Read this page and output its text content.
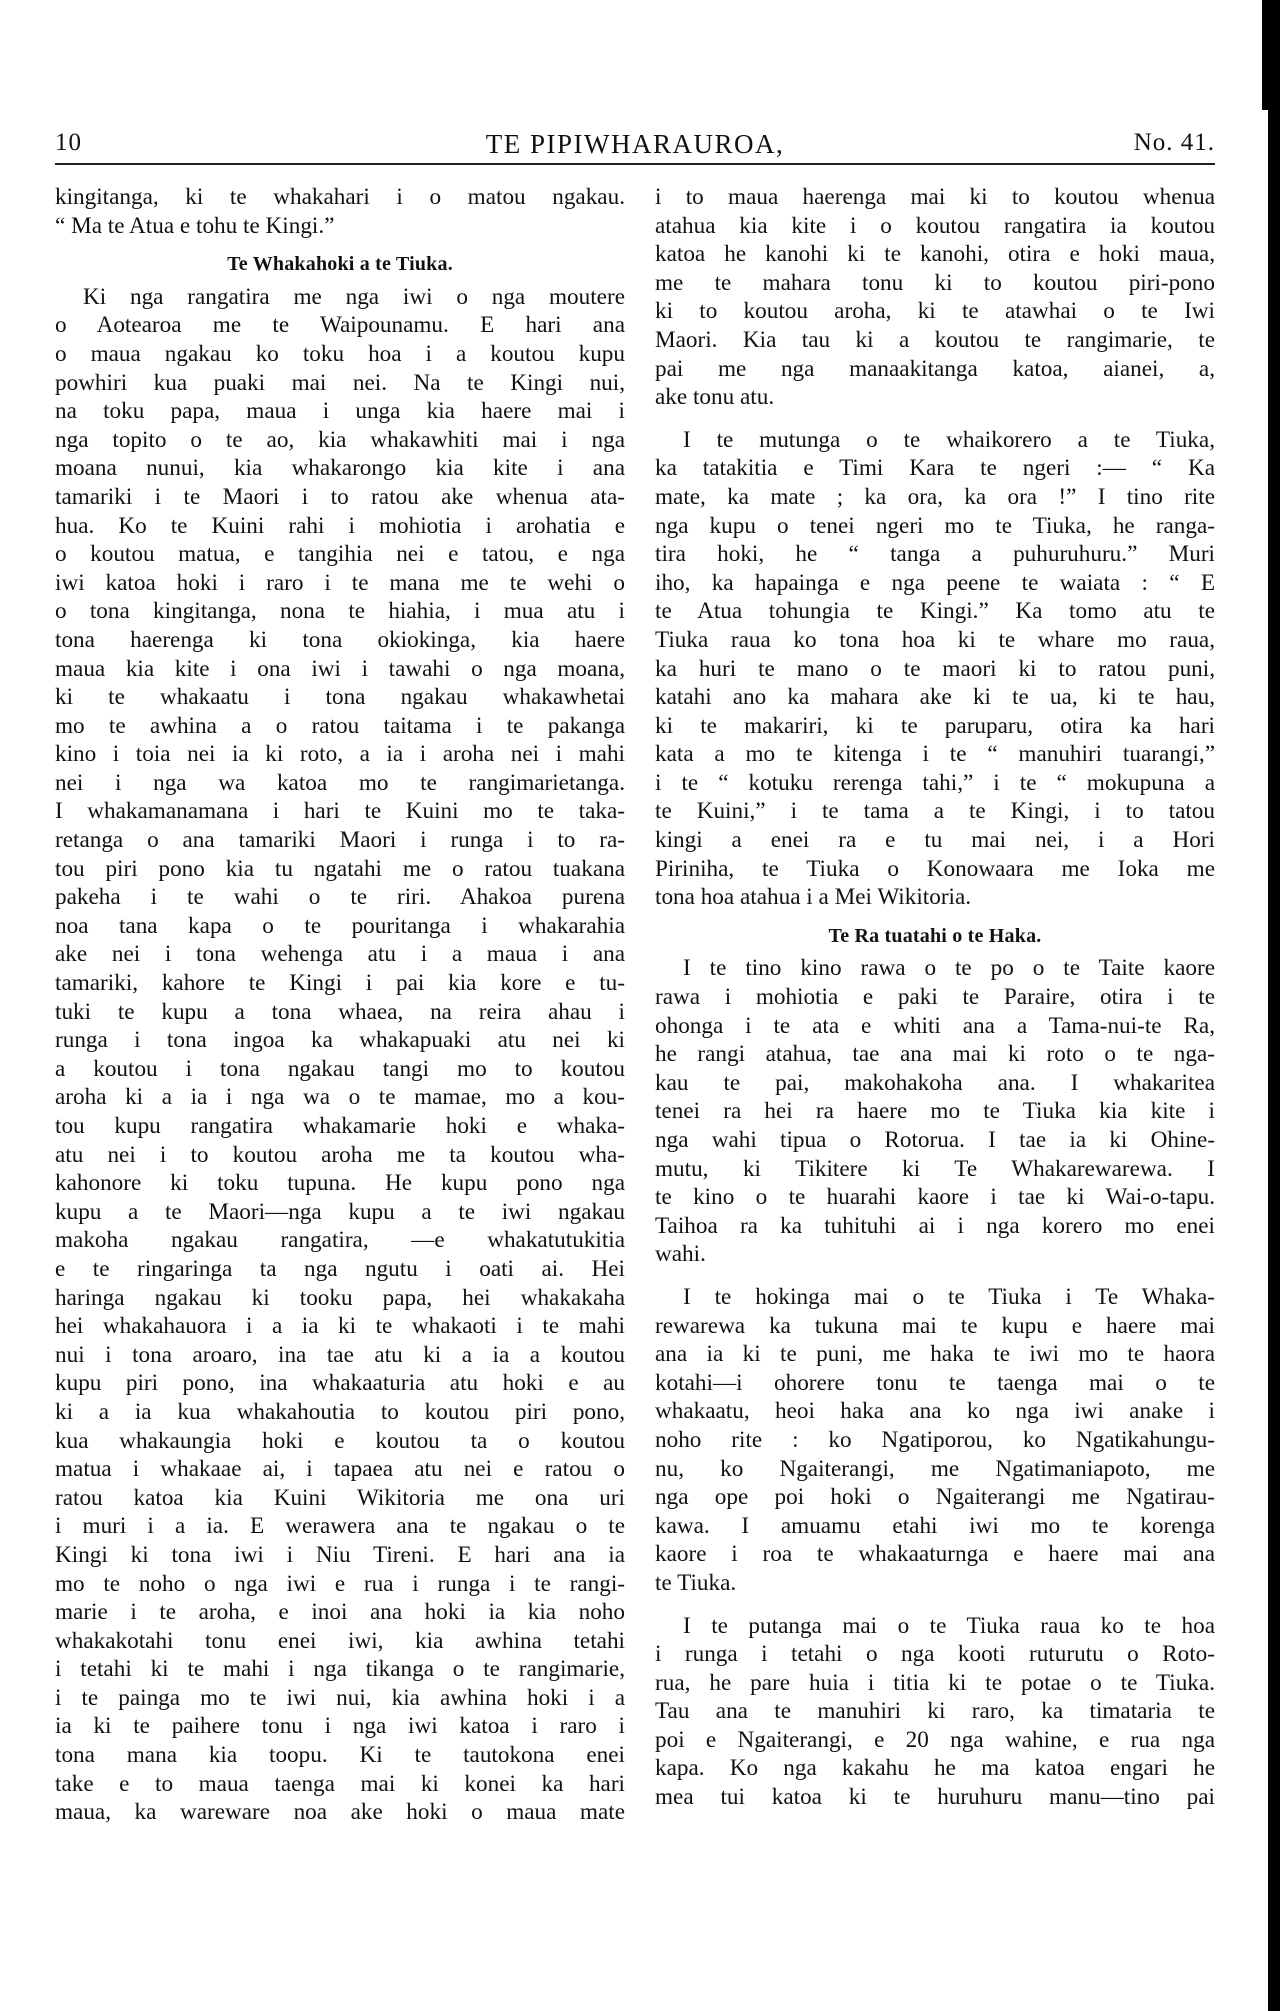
10	TE PIPIWHARAUROA,	No. 41.
kingitanga, ki te whakahari i o matou ngakau.
“ Ma te Atua e tohu te Kingi.”
Te Whakahoki a te Tiuka.
Ki nga rangatira me nga iwi o nga moutere
o Aotearoa me te Waipounamu. E hari ana
o maua ngakau ko toku hoa i a koutou kupu
powhiri kua puaki mai nei. Na te Kingi nui,
na toku papa, maua i unga kia haere mai i
nga topito o te ao, kia whakawhiti mai i nga
moana nunui, kia whakarongo kia kite i ana
tamariki i te Maori i to ratou ake whenua ata-
hua. Ko te Kuini rahi i mohiotia i arohatia e
o koutou matua, e tangihia nei e tatou, e nga
iwi katoa hoki i raro i te mana me te wehi o
o tona kingitanga, nona te hiahia, i mua atu i
tona haerenga ki tona okiokinga, kia haere
maua kia kite i ona iwi i tawahi o nga moana,
ki te whakaatu i tona ngakau whakawhetai
mo te awhina a o ratou taitama i te pakanga
kino i toia nei ia ki roto, a ia i aroha nei i mahi
nei i nga wa katoa mo te rangimarietanga.
I whakamanamana i hari te Kuini mo te taka-
retanga o ana tamariki Maori i runga i to ra-
tou piri pono kia tu ngatahi me o ratou tuakana
pakeha i te wahi o te riri. Ahakoa purena
noa tana kapa o te pouritanga i whakarahia
ake nei i tona wehenga atu i a maua i ana
tamariki, kahore te Kingi i pai kia kore e tu-
tuki te kupu a tona whaea, na reira ahau i
runga i tona ingoa ka whakapuaki atu nei ki
a koutou i tona ngakau tangi mo to koutou
aroha ki a ia i nga wa o te mamae, mo a kou-
tou kupu rangatira whakamarie hoki e whaka-
atu nei i to koutou aroha me ta koutou wha-
kahonore ki toku tupuna. He kupu pono nga
kupu a te Maori—nga kupu a te iwi ngakau
makoha ngakau rangatira, —e whakatutukitia
e te ringaringa ta nga ngutu i oati ai. Hei
haringa ngakau ki tooku papa, hei whakakaha
hei whakahauora i a ia ki te whakaoti i te mahi
nui i tona aroaro, ina tae atu ki a ia a koutou
kupu piri pono, ina whakaaturia atu hoki e au
ki a ia kua whakahoutia to koutou piri pono,
kua whakaungia hoki e koutou ta o koutou
matua i whakaae ai, i tapaea atu nei e ratou o
ratou katoa kia Kuini Wikitoria me ona uri
i muri i a ia. E werawera ana te ngakau o te
Kingi ki tona iwi i Niu Tireni. E hari ana ia
mo te noho o nga iwi e rua i runga i te rangi-
marie i te aroha, e inoi ana hoki ia kia noho
whakakotahi tonu enei iwi, kia awhina tetahi
i tetahi ki te mahi i nga tikanga o te rangimarie,
i te painga mo te iwi nui, kia awhina hoki i a
ia ki te paihere tonu i nga iwi katoa i raro i
tona mana kia toopu. Ki te tautokona enei
take e to maua taenga mai ki konei ka hari
maua, ka wareware noa ake hoki o maua mate
i to maua haerenga mai ki to koutou whenua
atahua kia kite i o koutou rangatira ia koutou
katoa he kanohi ki te kanohi, otira e hoki maua,
me te mahara tonu ki to koutou piri-pono
ki to koutou aroha, ki te atawhai o te Iwi
Maori. Kia tau ki a koutou te rangimarie, te
pai me nga manaakitanga katoa, aianei, a,
ake tonu atu.
I te mutunga o te whaikorero a te Tiuka,
ka tatakitia e Timi Kara te ngeri :— “ Ka
mate, ka mate ; ka ora, ka ora !” I tino rite
nga kupu o tenei ngeri mo te Tiuka, he ranga-
tira hoki, he “ tanga a puhuruhuru.” Muri
iho, ka hapainga e nga peene te waiata : “ E
te Atua tohungia te Kingi.” Ka tomo atu te
Tiuka raua ko tona hoa ki te whare mo raua,
ka huri te mano o te maori ki to ratou puni,
katahi ano ka mahara ake ki te ua, ki te hau,
ki te makariri, ki te paruparu, otira ka hari
kata a mo te kitenga i te “ manuhiri tuarangi,”
i te “ kotuku rerenga tahi,” i te “ mokupuna a
te Kuini,” i te tama a te Kingi, i to tatou
kingi a enei ra e tu mai nei, i a Hori
Piriniha, te Tiuka o Konowaara me Ioka me
tona hoa atahua i a Mei Wikitoria.
Te Ra tuatahi o te Haka.
I te tino kino rawa o te po o te Taite kaore
rawa i mohiotia e paki te Paraire, otira i te
ohonga i te ata e whiti ana a Tama-nui-te Ra,
he rangi atahua, tae ana mai ki roto o te nga-
kau te pai, makohakoha ana. I whakaritea
tenei ra hei ra haere mo te Tiuka kia kite i
nga wahi tipua o Rotorua. I tae ia ki Ohine-
mutu, ki Tikitere ki Te Whakarewarewa. I
te kino o te huarahi kaore i tae ki Wai-o-tapu.
Taihoa ra ka tuhituhi ai i nga korero mo enei
wahi.
I te hokinga mai o te Tiuka i Te Whaka-
rewarewa ka tukuna mai te kupu e haere mai
ana ia ki te puni, me haka te iwi mo te haora
kotahi—i ohorere tonu te taenga mai o te
whakaatu, heoi haka ana ko nga iwi anake i
noho rite : ko Ngatiporou, ko Ngatikahungu-
nu, ko Ngaiterangi, me Ngatimaniapoto, me
nga ope poi hoki o Ngaiterangi me Ngatirau-
kawa. I amuamu etahi iwi mo te korenga
kaore i roa te whakaaturnga e haere mai ana
te Tiuka.
I te putanga mai o te Tiuka raua ko te hoa
i runga i tetahi o nga kooti ruturutu o Roto-
rua, he pare huia i titia ki te potae o te Tiuka.
Tau ana te manuhiri ki raro, ka timataria te
poi e Ngaiterangi, e 20 nga wahine, e rua nga
kapa. Ko nga kakahu he ma katoa engari he
mea tui katoa ki te huruhuru manu—tino pai
